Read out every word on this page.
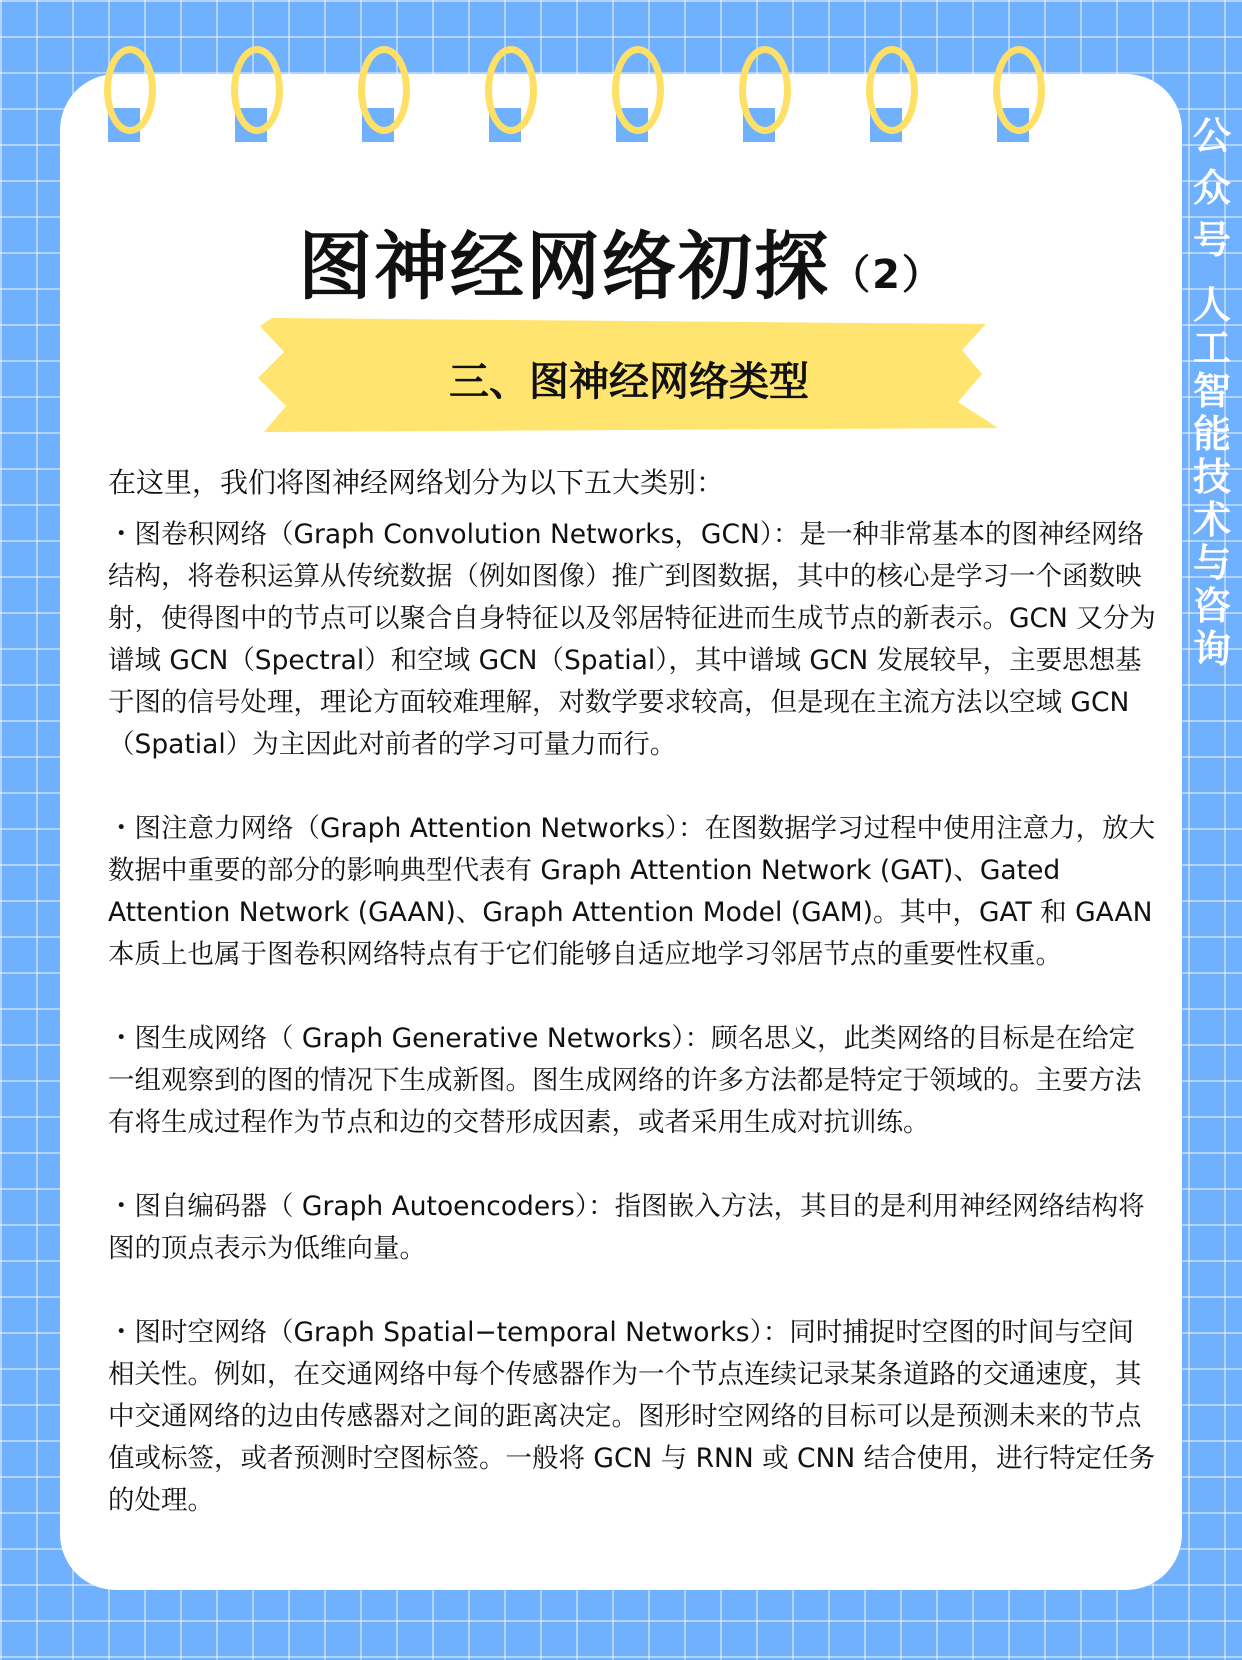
图神经网络初探（2）
三、图神经网络类型

在这里，我们将图神经网络划分为以下五大类别：

・图卷积网络（Graph Convolution Networks，GCN）：是一种非常基本的图神经网络结构，将卷积运算从传统数据（例如图像）推广到图数据，其中的核心是学习一个函数映射，使得图中的节点可以聚合自身特征以及邻居特征进而生成节点的新表示。GCN 又分为谱域 GCN（Spectral）和空域 GCN（Spatial），其中谱域 GCN 发展较早，主要思想基于图的信号处理，理论方面较难理解，对数学要求较高，但是现在主流方法以空域 GCN（Spatial）为主因此对前者的学习可量力而行。

・图注意力网络（Graph Attention Networks）：在图数据学习过程中使用注意力，放大数据中重要的部分的影响典型代表有 Graph Attention Network (GAT)、Gated Attention Network (GAAN)、Graph Attention Model (GAM)。其中，GAT 和 GAAN 本质上也属于图卷积网络特点有于它们能够自适应地学习邻居节点的重要性权重。

・图生成网络（ Graph Generative Networks）：顾名思义，此类网络的目标是在给定一组观察到的图的情况下生成新图。图生成网络的许多方法都是特定于领域的。主要方法有将生成过程作为节点和边的交替形成因素，或者采用生成对抗训练。

・图自编码器（ Graph Autoencoders）：指图嵌入方法，其目的是利用神经网络结构将图的顶点表示为低维向量。

・图时空网络（Graph Spatial−temporal Networks）：同时捕捉时空图的时间与空间相关性。例如，在交通网络中每个传感器作为一个节点连续记录某条道路的交通速度，其中交通网络的边由传感器对之间的距离决定。图形时空网络的目标可以是预测未来的节点值或标签，或者预测时空图标签。一般将 GCN 与 RNN 或 CNN 结合使用，进行特定任务的处理。

公众号
人工智能技术与咨询
